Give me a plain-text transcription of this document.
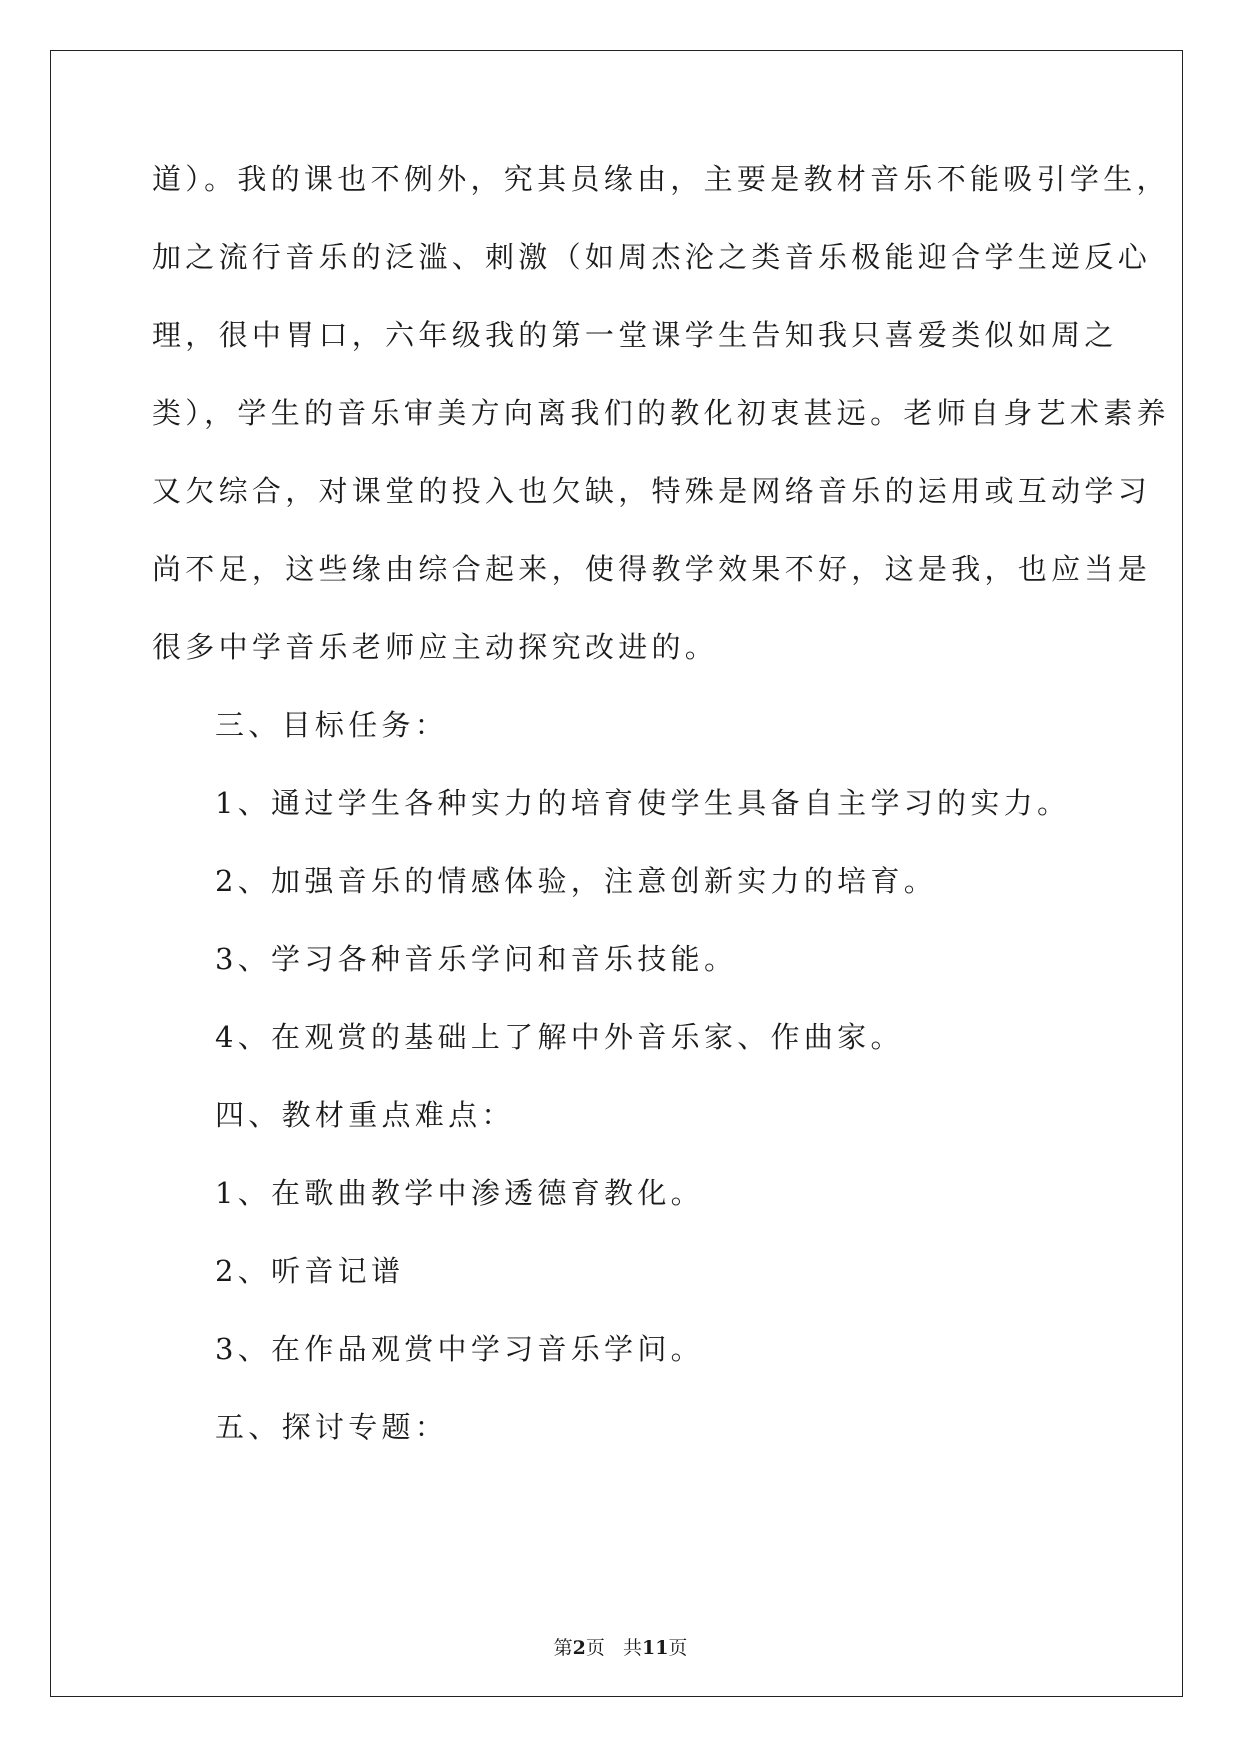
道）。我的课也不例外，究其员缘由，主要是教材音乐不能吸引学生，

加之流行音乐的泛滥、刺激（如周杰沦之类音乐极能迎合学生逆反心

理，很中胃口，六年级我的第一堂课学生告知我只喜爱类似如周之

类），学生的音乐审美方向离我们的教化初衷甚远。老师自身艺术素养

又欠综合，对课堂的投入也欠缺，特殊是网络音乐的运用或互动学习

尚不足，这些缘由综合起来，使得教学效果不好，这是我，也应当是

很多中学音乐老师应主动探究改进的。

三、目标任务：

1、通过学生各种实力的培育使学生具备自主学习的实力。

2、加强音乐的情感体验，注意创新实力的培育。

3、学习各种音乐学问和音乐技能。

4、在观赏的基础上了解中外音乐家、作曲家。

四、教材重点难点：

1、在歌曲教学中渗透德育教化。

2、听音记谱

3、在作品观赏中学习音乐学问。

五、探讨专题：

第2页 共11页
